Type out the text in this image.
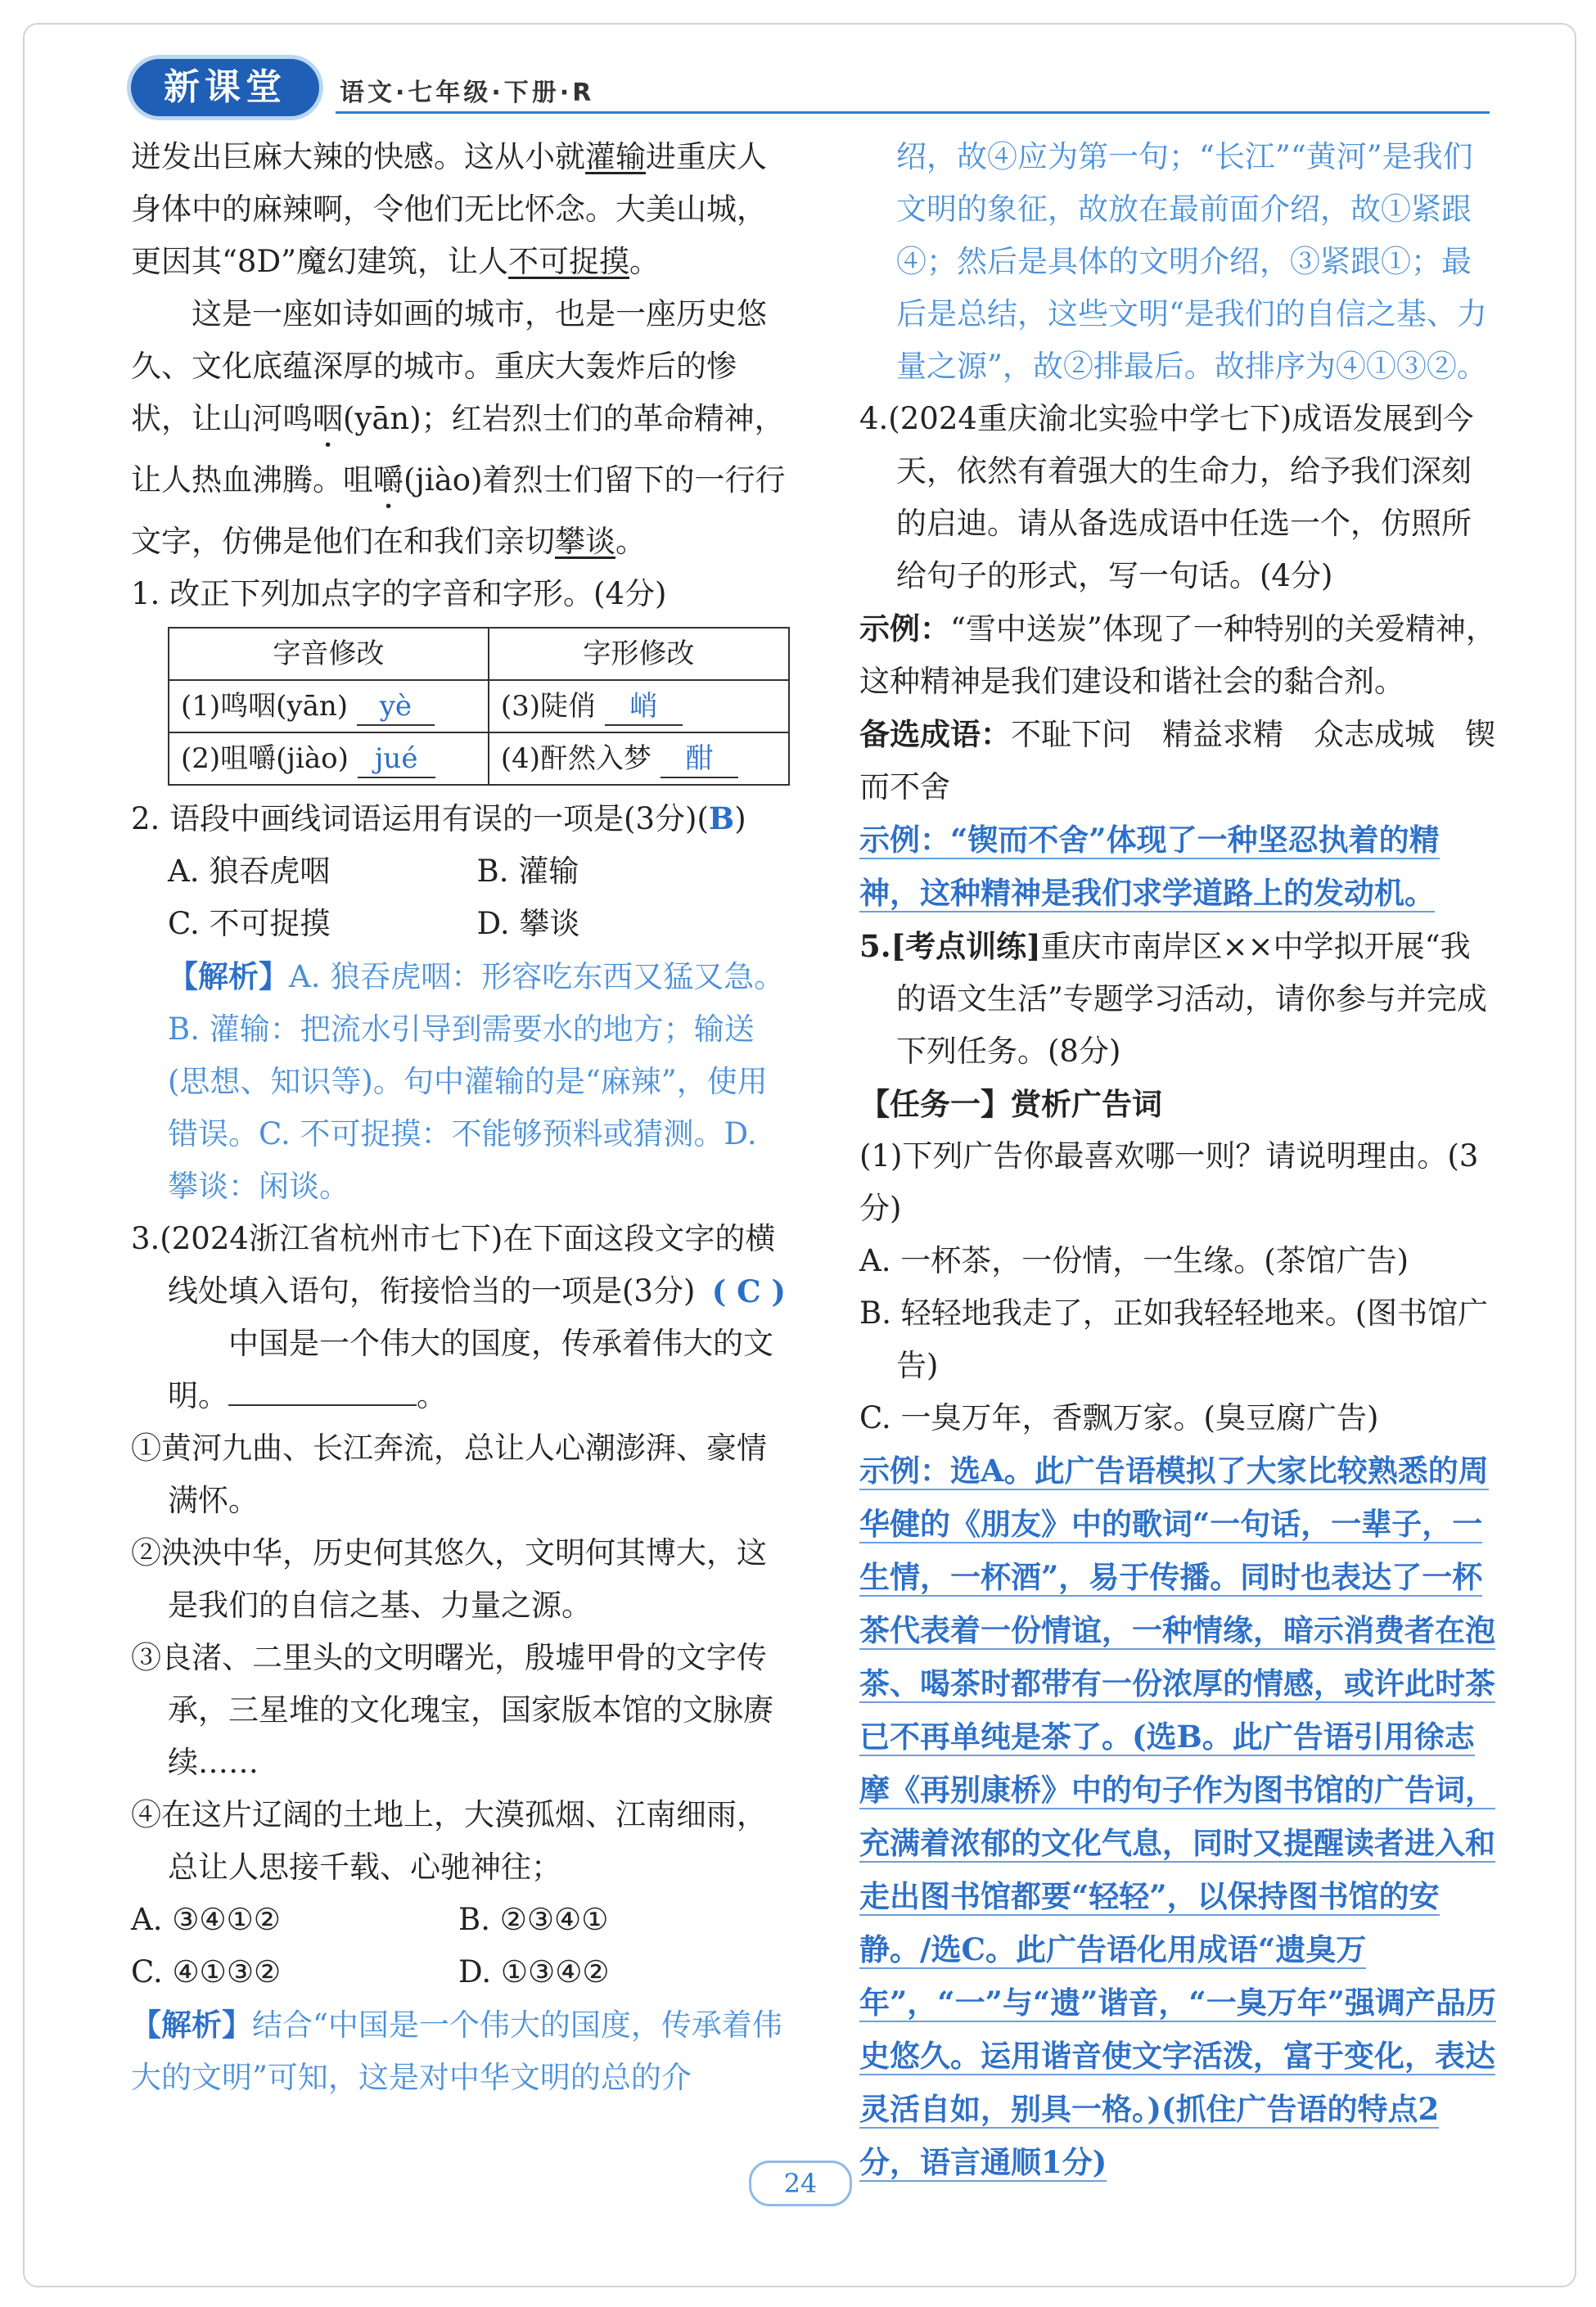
新课堂	语文·七年级·下册·R

迸发出巨麻大辣的快感。这从小就灌输进重庆人身体中的麻辣啊，令他们无比怀念。大美山城，更因其“8D”魔幻建筑，让人不可捉摸。

这是一座如诗如画的城市，也是一座历史悠久、文化底蕴深厚的城市。重庆大轰炸后的惨状，让山河鸣咽(yān)；红岩烈士们的革命精神，让人热血沸腾。咀嚼(jiào)着烈士们留下的一行行文字，仿佛是他们在和我们亲切攀谈。

1. 改正下列加点字的字音和字形。(4分)

字音修改	字形修改
(1)鸣咽(yān) yè	(3)陡俏 峭
(2)咀嚼(jiào) jué	(4)酐然入梦 酣

2. 语段中画线词语运用有误的一项是(3分)(B)

A. 狼吞虎咽	B. 灌输
C. 不可捉摸	D. 攀谈

【解析】A. 狼吞虎咽：形容吃东西又猛又急。B. 灌输：把流水引导到需要水的地方；输送(思想、知识等)。句中灌输的是“麻辣”，使用错误。C. 不可捉摸：不能够预料或猜测。D. 攀谈：闲谈。

3.(2024浙江省杭州市七下)在下面这段文字的横线处填入语句，衔接恰当的一项是(3分) ( C )

中国是一个伟大的国度，传承着伟大的文明。	。

①黄河九曲、长江奔流，总让人心潮澎湃、豪情满怀。

②泱泱中华，历史何其悠久，文明何其博大，这是我们的自信之基、力量之源。

③良渚、二里头的文明曙光，殷墟甲骨的文字传承，三星堆的文化瑰宝，国家版本馆的文脉赓续……

④在这片辽阔的土地上，大漠孤烟、江南细雨，总让人思接千载、心驰神往；

A. ③④①②	B. ②③④①
C. ④①③②	D. ①③④②

【解析】结合“中国是一个伟大的国度，传承着伟大的文明”可知，这是对中华文明的总的介

绍，故④应为第一句；“长江”“黄河”是我们文明的象征，故放在最前面介绍，故①紧跟④；然后是具体的文明介绍，③紧跟①；最后是总结，这些文明“是我们的自信之基、力量之源”，故②排最后。故排序为④①③②。

4.(2024重庆渝北实验中学七下)成语发展到今天，依然有着强大的生命力，给予我们深刻的启迪。请从备选成语中任选一个，仿照所给句子的形式，写一句话。(4分)

示例：“雪中送炭”体现了一种特别的关爱精神，这种精神是我们建设和谐社会的黏合剂。

备选成语：不耻下问　精益求精　众志成城　锲而不舍

示例：“锲而不舍”体现了一种坚忍执着的精神，这种精神是我们求学道路上的发动机。

5.[考点训练]重庆市南岸区××中学拟开展“我的语文生活”专题学习活动，请你参与并完成下列任务。(8分)

【任务一】赏析广告词

(1)下列广告你最喜欢哪一则？请说明理由。(3分)

A. 一杯茶，一份情，一生缘。(茶馆广告)

B. 轻轻地我走了，正如我轻轻地来。(图书馆广告)

C. 一臭万年，香飘万家。(臭豆腐广告)

示例：选A。此广告语模拟了大家比较熟悉的周华健的《朋友》中的歌词“一句话，一辈子，一生情，一杯酒”，易于传播。同时也表达了一杯茶代表着一份情谊，一种情缘，暗示消费者在泡茶、喝茶时都带有一份浓厚的情感，或许此时茶已不再单纯是茶了。(选B。此广告语引用徐志摩《再别康桥》中的句子作为图书馆的广告词，充满着浓郁的文化气息，同时又提醒读者进入和走出图书馆都要“轻轻”，以保持图书馆的安静。/选C。此广告语化用成语“遗臭万年”，“一”与“遗”谐音，“一臭万年”强调产品历史悠久。运用谐音使文字活泼，富于变化，表达灵活自如，别具一格。)(抓住广告语的特点2分，语言通顺1分)

24
